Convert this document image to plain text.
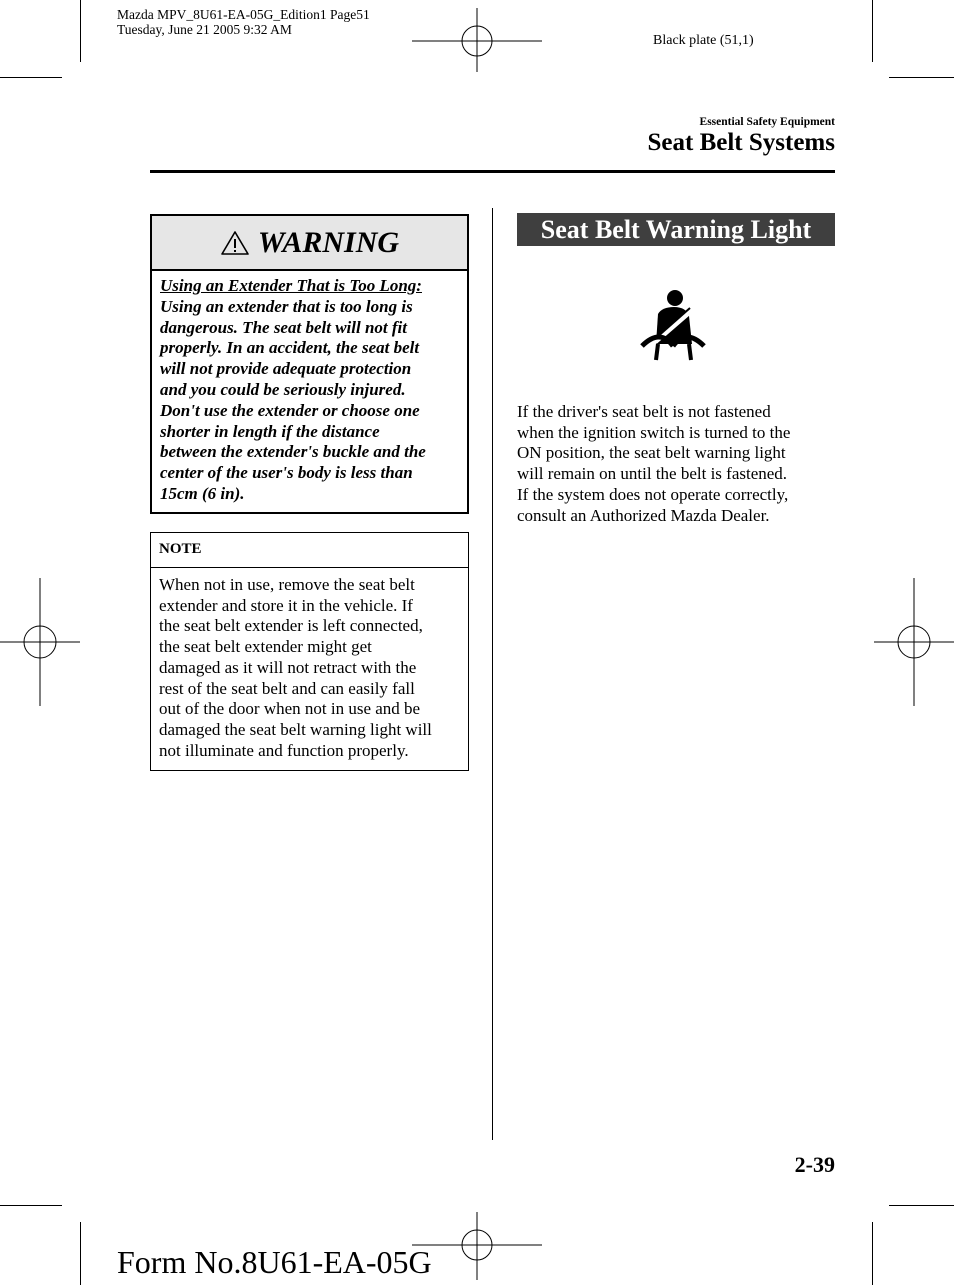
Mazda MPV_8U61-EA-05G_Edition1 Page51
Tuesday, June 21 2005 9:32 AM
Black plate (51,1)
Essential Safety Equipment
Seat Belt Systems
WARNING
Using an Extender That is Too Long:
Using an extender that is too long is
dangerous. The seat belt will not fit
properly. In an accident, the seat belt
will not provide adequate protection
and you could be seriously injured.
Don't use the extender or choose one
shorter in length if the distance
between the extender's buckle and the
center of the user's body is less than
15cm (6 in).
NOTE
When not in use, remove the seat belt
extender and store it in the vehicle. If
the seat belt extender is left connected,
the seat belt extender might get
damaged as it will not retract with the
rest of the seat belt and can easily fall
out of the door when not in use and be
damaged the seat belt warning light will
not illuminate and function properly.
Seat Belt Warning Light
If the driver's seat belt is not fastened
when the ignition switch is turned to the
ON position, the seat belt warning light
will remain on until the belt is fastened.
If the system does not operate correctly,
consult an Authorized Mazda Dealer.
2-39
Form No.8U61-EA-05G
